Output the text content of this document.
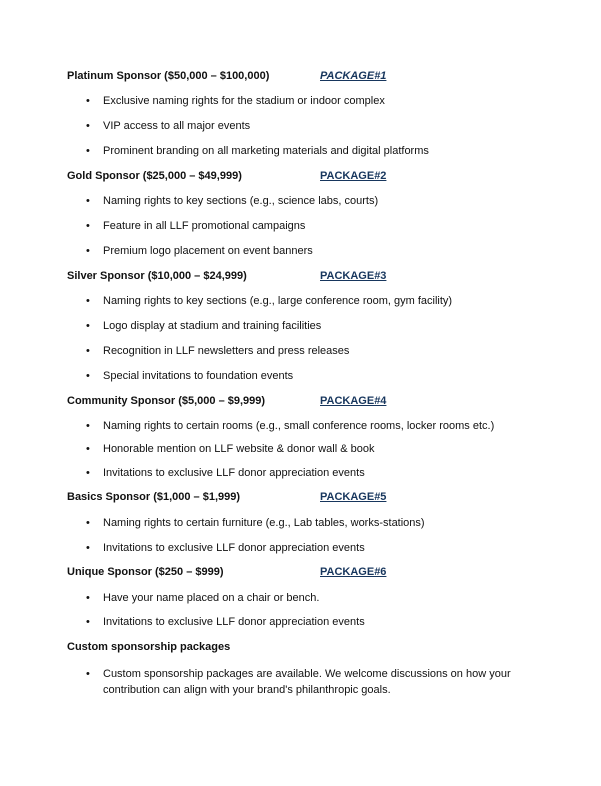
Platinum Sponsor ($50,000 – $100,000)	PACKAGE#1
•	Exclusive naming rights for the stadium or indoor complex
•	VIP access to all major events
•	Prominent branding on all marketing materials and digital platforms
Gold Sponsor ($25,000 – $49,999)	PACKAGE#2
•	Naming rights to key sections (e.g., science labs, courts)
•	Feature in all LLF promotional campaigns
•	Premium logo placement on event banners
Silver Sponsor ($10,000 – $24,999)	PACKAGE#3
•	Naming rights to key sections (e.g., large conference room, gym facility)
•	Logo display at stadium and training facilities
•	Recognition in LLF newsletters and press releases
•	Special invitations to foundation events
Community Sponsor ($5,000 – $9,999)	PACKAGE#4
•	Naming rights to certain rooms (e.g., small conference rooms, locker rooms etc.)
•	Honorable mention on LLF website & donor wall & book
•	Invitations to exclusive LLF donor appreciation events
Basics Sponsor ($1,000 – $1,999)	PACKAGE#5
•	Naming rights to certain furniture (e.g., Lab tables, works-stations)
•	Invitations to exclusive LLF donor appreciation events
Unique Sponsor ($250 – $999)	PACKAGE#6
•	Have your name placed on a chair or bench.
•	Invitations to exclusive LLF donor appreciation events
Custom sponsorship packages
•	Custom sponsorship packages are available. We welcome discussions on how your contribution can align with your brand's philanthropic goals.
